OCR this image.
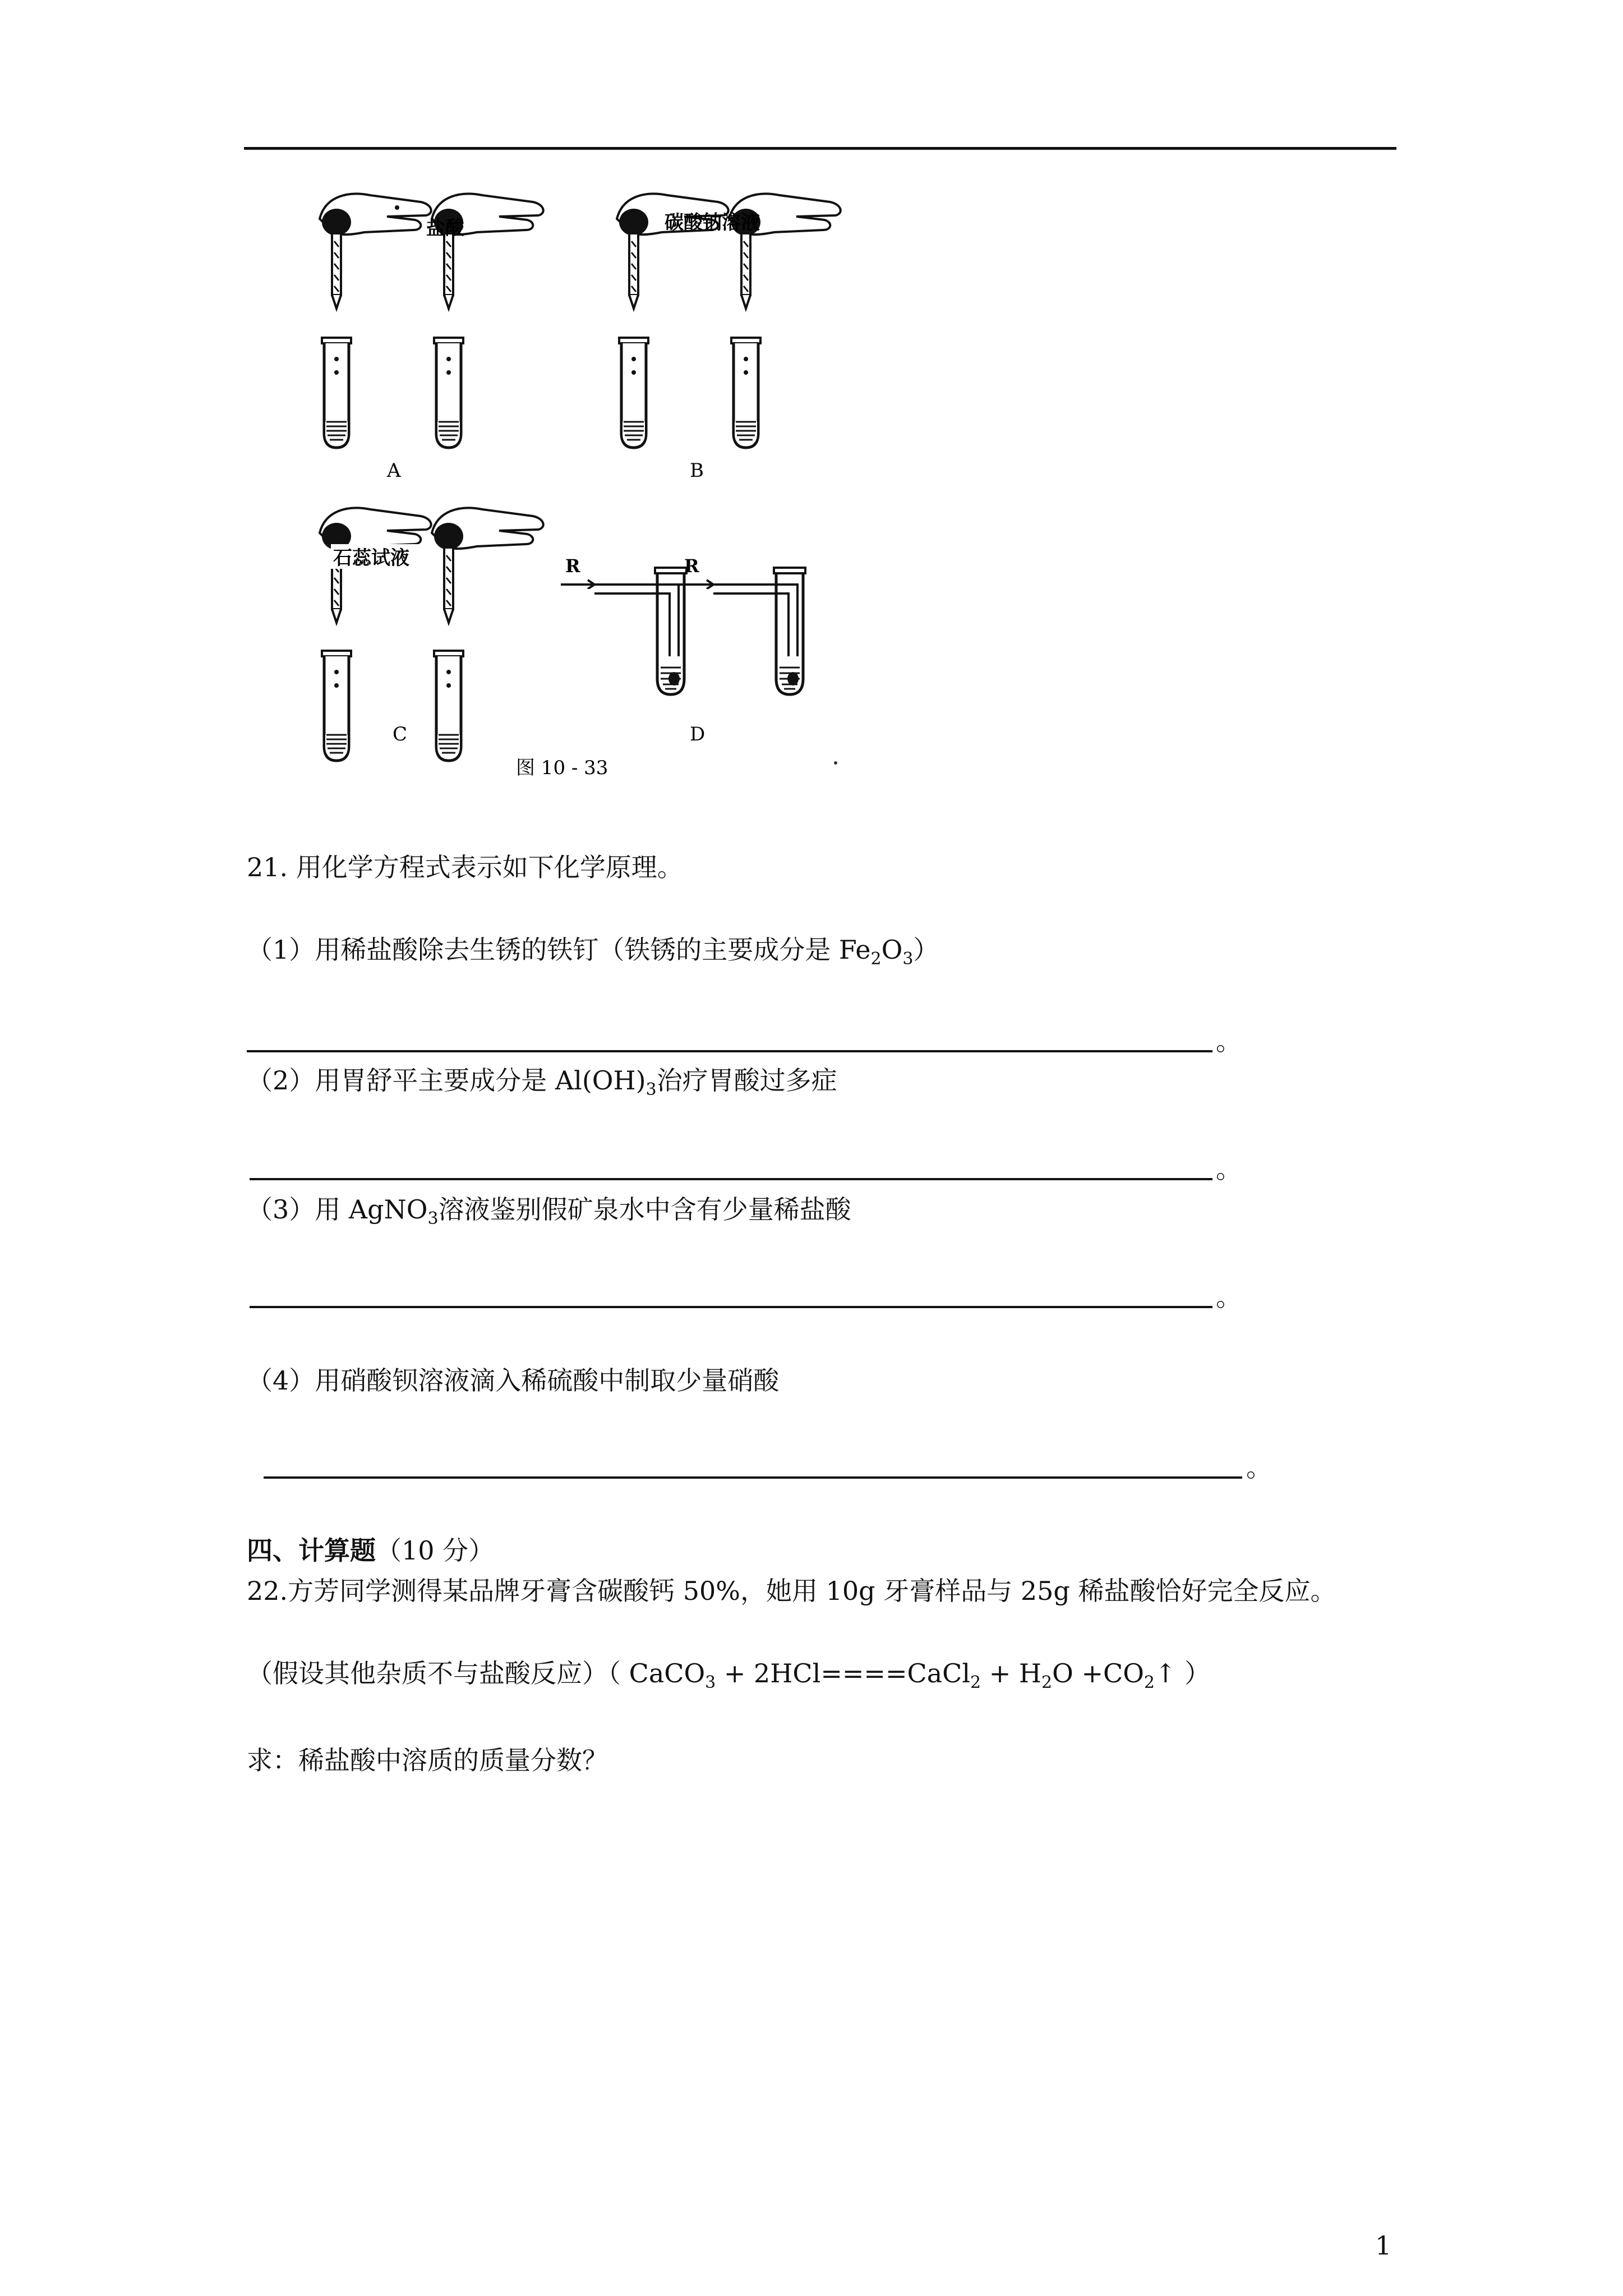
盐酸	碳酸钠溶液
A	B
石蕊试液	R	R
C	D
图 10 - 33
21. 用化学方程式表示如下化学原理。
（1）用稀盐酸除去生锈的铁钉（铁锈的主要成分是 $Fe_2O_3$）
。
（2）用胃舒平主要成分是 $Al(OH)_3$治疗胃酸过多症
。
（3）用 AgNO$_3$溶液鉴别假矿泉水中含有少量稀盐酸
。
（4）用硝酸钡溶液滴入稀硫酸中制取少量硝酸
。
四、计算题（10 分）
22.方芳同学测得某品牌牙膏含碳酸钙 50%，她用 10g 牙膏样品与 25g 稀盐酸恰好完全反应。
（假设其他杂质不与盐酸反应）（ CaCO$_3$ + 2HCl====CaCl$_2$ + $H_2O$ $+CO_2↑$ ）
求：稀盐酸中溶质的质量分数？
1
